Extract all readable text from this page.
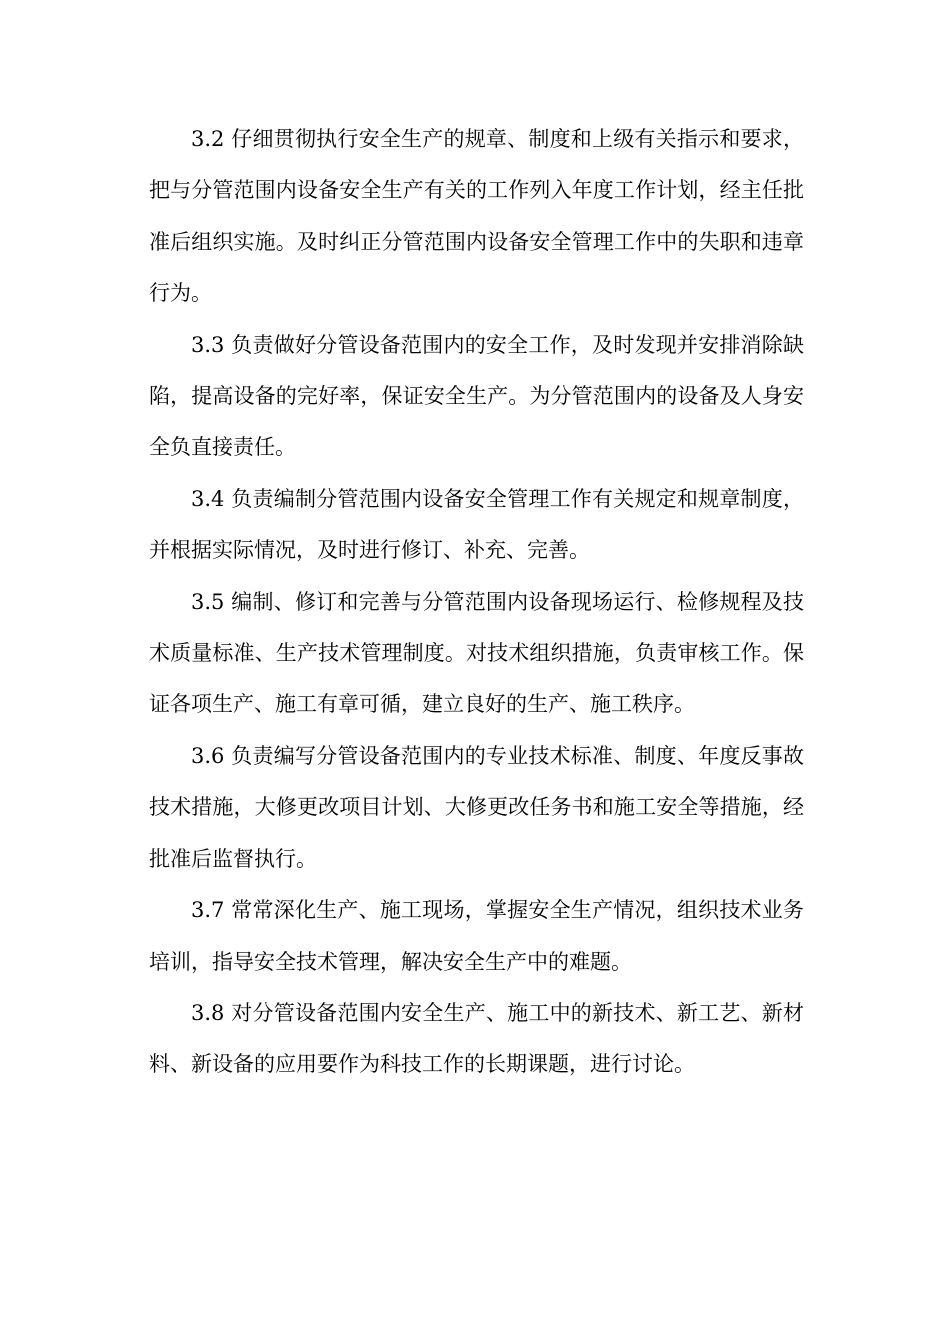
3.2 仔细贯彻执行安全生产的规章、制度和上级有关指示和要求，把与分管范围内设备安全生产有关的工作列入年度工作计划，经主任批准后组织实施。及时纠正分管范围内设备安全管理工作中的失职和违章行为。

3.3 负责做好分管设备范围内的安全工作，及时发现并安排消除缺陷，提高设备的完好率，保证安全生产。为分管范围内的设备及人身安全负直接责任。

3.4 负责编制分管范围内设备安全管理工作有关规定和规章制度，并根据实际情况，及时进行修订、补充、完善。

3.5 编制、修订和完善与分管范围内设备现场运行、检修规程及技术质量标准、生产技术管理制度。对技术组织措施，负责审核工作。保证各项生产、施工有章可循，建立良好的生产、施工秩序。

3.6 负责编写分管设备范围内的专业技术标准、制度、年度反事故技术措施，大修更改项目计划、大修更改任务书和施工安全等措施，经批准后监督执行。

3.7 常常深化生产、施工现场，掌握安全生产情况，组织技术业务培训，指导安全技术管理，解决安全生产中的难题。

3.8 对分管设备范围内安全生产、施工中的新技术、新工艺、新材料、新设备的应用要作为科技工作的长期课题，进行讨论。
